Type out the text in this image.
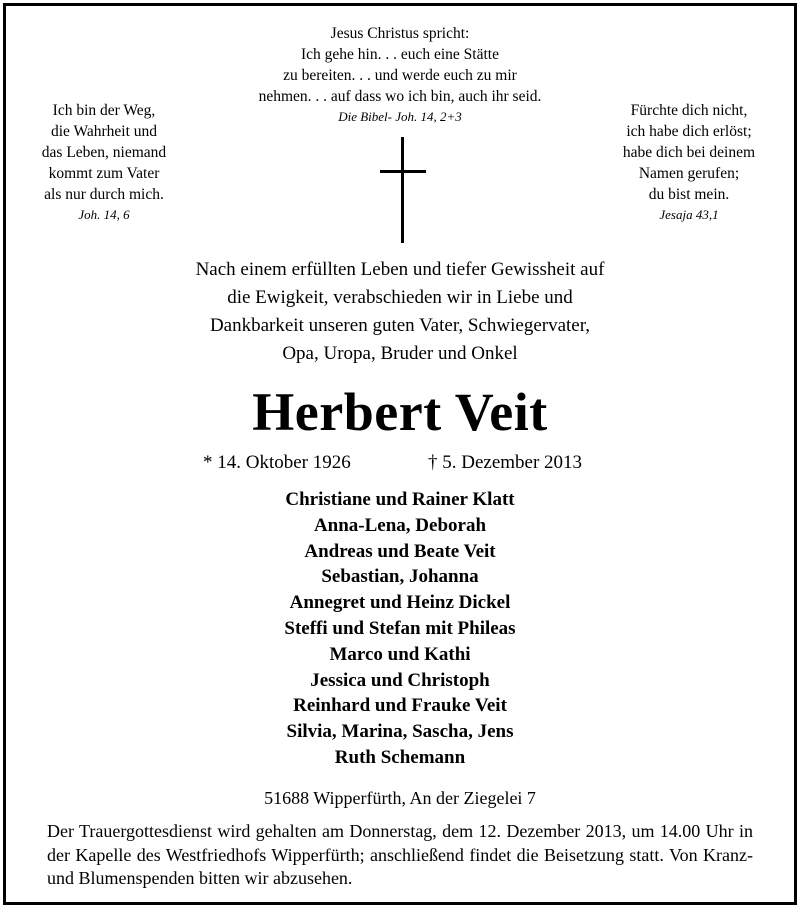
Jesus Christus spricht:
Ich gehe hin. . . euch eine Stätte
zu bereiten. . . und werde euch zu mir
nehmen. . . auf dass wo ich bin, auch ihr seid.
Die Bibel- Joh. 14, 2+3
Ich bin der Weg,
die Wahrheit und
das Leben, niemand
kommt zum Vater
als nur durch mich.
Joh. 14, 6
Fürchte dich nicht,
ich habe dich erlöst;
habe dich bei deinem
Namen gerufen;
du bist mein.
Jesaja 43,1
Nach einem erfüllten Leben und tiefer Gewissheit auf
die Ewigkeit, verabschieden wir in Liebe und
Dankbarkeit unseren guten Vater, Schwiegervater,
Opa, Uropa, Bruder und Onkel
Herbert Veit
* 14. Oktober 1926	† 5. Dezember 2013
Christiane und Rainer Klatt
Anna-Lena, Deborah
Andreas und Beate Veit
Sebastian, Johanna
Annegret und Heinz Dickel
Steffi und Stefan mit Phileas
Marco und Kathi
Jessica und Christoph
Reinhard und Frauke Veit
Silvia, Marina, Sascha, Jens
Ruth Schemann
51688 Wipperfürth, An der Ziegelei 7
Der Trauergottesdienst wird gehalten am Donnerstag, dem 12. Dezember 2013, um 14.00 Uhr in der Kapelle des Westfriedhofs Wipperfürth; anschließend findet die Beisetzung statt. Von Kranz- und Blumenspenden bitten wir abzusehen.
